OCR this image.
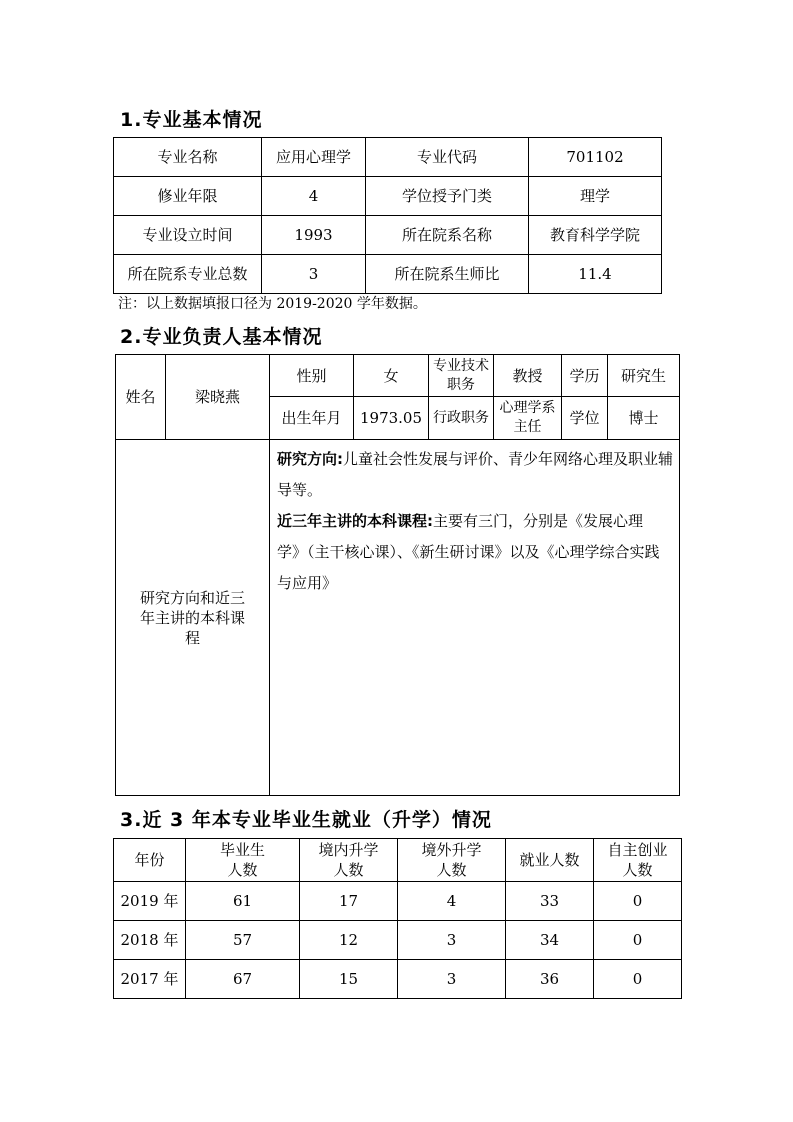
1.专业基本情况
专业名称	应用心理学	专业代码	701102
修业年限	4	学位授予门类	理学
专业设立时间	1993	所在院系名称	教育科学学院
所在院系专业总数	3	所在院系生师比	11.4
注：以上数据填报口径为 2019-2020 学年数据。
2.专业负责人基本情况
姓名	梁晓燕	性别	女	专业技术职务	教授	学历	研究生
		出生年月	1973.05	行政职务	心理学系主任	学位	博士
研究方向和近三年主讲的本科课程		研究方向:儿童社会性发展与评价、青少年网络心理及职业辅导等。
近三年主讲的本科课程:主要有三门，分别是《发展心理学》（主干核心课）、《新生研讨课》以及《心理学综合实践与应用》					
3.近 3 年本专业毕业生就业（升学）情况
年份	毕业生人数	境内升学人数	境外升学人数	就业人数	自主创业人数
2019 年	61	17	4	33	0
2018 年	57	12	3	34	0
2017 年	67	15	3	36	0
